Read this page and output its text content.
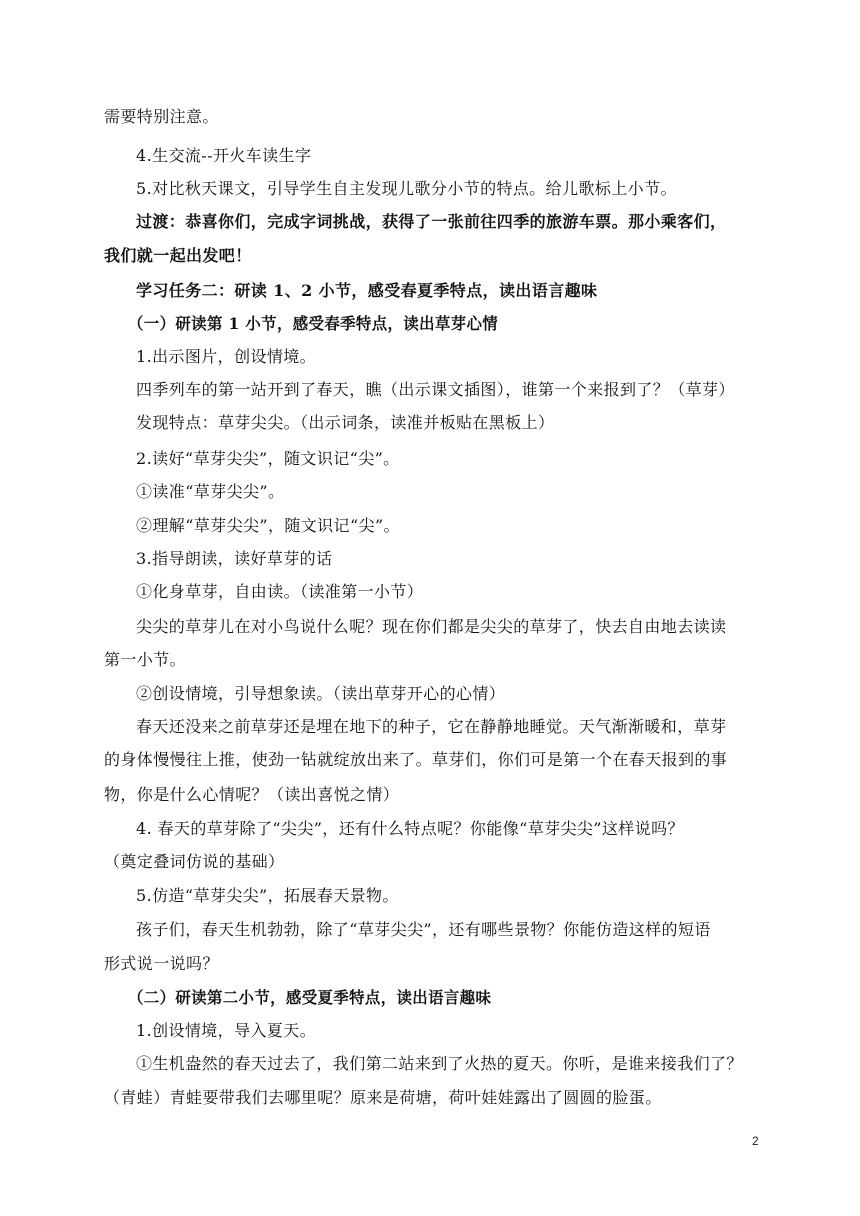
需要特别注意。
4.生交流--开火车读生字
5.对比秋天课文，引导学生自主发现儿歌分小节的特点。给儿歌标上小节。
过渡：恭喜你们，完成字词挑战，获得了一张前往四季的旅游车票。那小乘客们，
我们就一起出发吧！
学习任务二：研读 1、2 小节，感受春夏季特点，读出语言趣味
（一）研读第 1 小节，感受春季特点，读出草芽心情
1.出示图片，创设情境。
四季列车的第一站开到了春天，瞧（出示课文插图），谁第一个来报到了？（草芽）
发现特点：草芽尖尖。（出示词条，读准并板贴在黑板上）
2.读好“草芽尖尖”，随文识记“尖”。
①读准“草芽尖尖”。
②理解“草芽尖尖”，随文识记“尖”。
3.指导朗读，读好草芽的话
①化身草芽，自由读。（读准第一小节）
尖尖的草芽儿在对小鸟说什么呢？现在你们都是尖尖的草芽了，快去自由地去读读
第一小节。
②创设情境，引导想象读。（读出草芽开心的心情）
春天还没来之前草芽还是埋在地下的种子，它在静静地睡觉。天气渐渐暖和，草芽
的身体慢慢往上推，使劲一钻就绽放出来了。草芽们，你们可是第一个在春天报到的事
物，你是什么心情呢？（读出喜悦之情）
4. 春天的草芽除了“尖尖”，还有什么特点呢？你能像“草芽尖尖”这样说吗？
（奠定叠词仿说的基础）
5.仿造“草芽尖尖”，拓展春天景物。
孩子们，春天生机勃勃，除了“草芽尖尖”，还有哪些景物？你能仿造这样的短语
形式说一说吗？
（二）研读第二小节，感受夏季特点，读出语言趣味
1.创设情境，导入夏天。
①生机盎然的春天过去了，我们第二站来到了火热的夏天。你听，是谁来接我们了？
（青蛙）青蛙要带我们去哪里呢？原来是荷塘，荷叶娃娃露出了圆圆的脸蛋。
2
